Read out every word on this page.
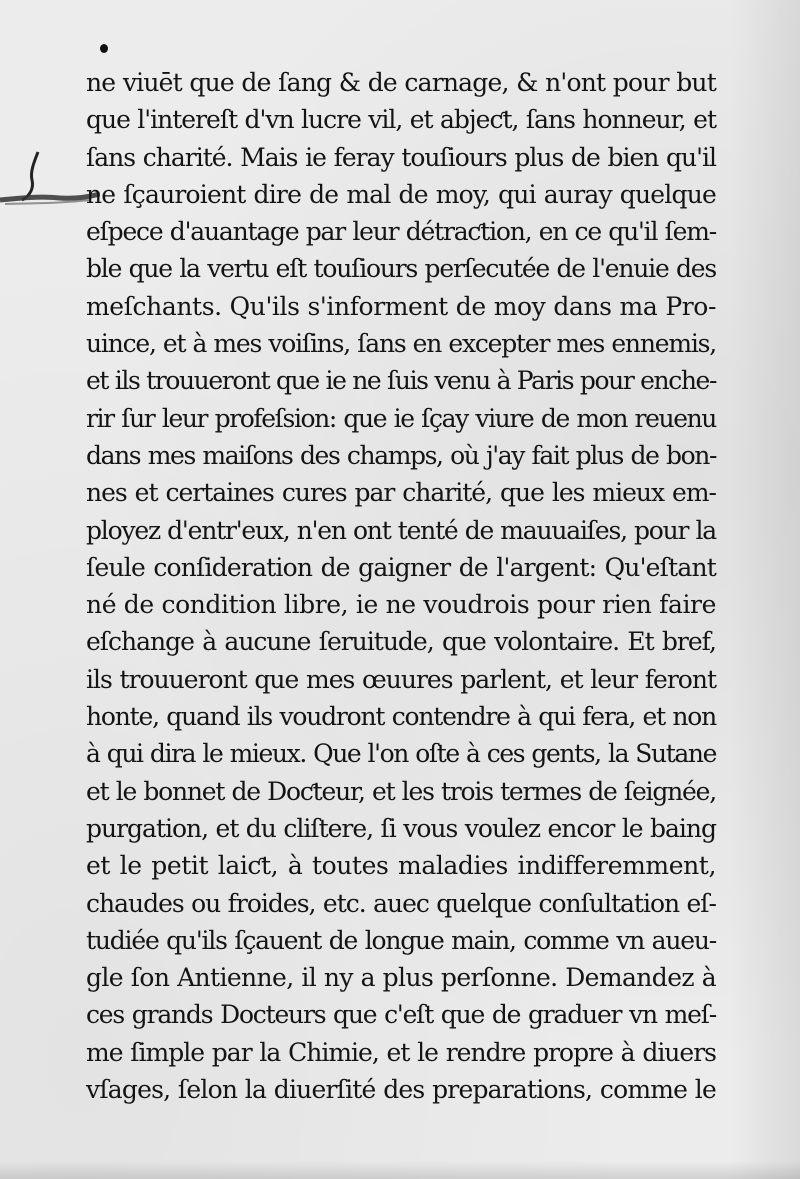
ne viuēt que de ſang & de carnage, & n'ont pour but
que l'intereſt d'vn lucre vil, et abjeƈt, ſans honneur, et
ſans charité. Mais ie feray touſiours plus de bien qu'il
ne ſçauroient dire de mal de moy, qui auray quelque
eſpece d'auantage par leur détraƈtion, en ce qu'il ſem-
ble que la vertu eſt touſiours perſecutée de l'enuie des
meſchants. Qu'ils s'informent de moy dans ma Pro-
uince, et à mes voiſins, ſans en excepter mes ennemis,
et ils trouueront que ie ne ſuis venu à Paris pour enche-
rir ſur leur profeſsion: que ie ſçay viure de mon reuenu
dans mes maiſons des champs, où j'ay fait plus de bon-
nes et certaines cures par charité, que les mieux em-
ployez d'entr'eux, n'en ont tenté de mauuaiſes, pour la
ſeule conſideration de gaigner de l'argent: Qu'eſtant
né de condition libre, ie ne voudrois pour rien faire
eſchange à aucune ſeruitude, que volontaire. Et bref,
ils trouueront que mes œuures parlent, et leur feront
honte, quand ils voudront contendre à qui fera, et non
à qui dira le mieux. Que l'on oſte à ces gents, la Sutane
et le bonnet de Doƈteur, et les trois termes de ſeignée,
purgation, et du cliſtere, ſi vous voulez encor le baing
et le petit laiƈt, à toutes maladies indifferemment,
chaudes ou froides, etc. auec quelque conſultation eſ-
tudiée qu'ils ſçauent de longue main, comme vn aueu-
gle ſon Antienne, il ny a plus perſonne. Demandez à
ces grands Docteurs que c'eſt que de graduer vn meſ-
me ſimple par la Chimie, et le rendre propre à diuers
vſages, ſelon la diuerſité des preparations, comme le
